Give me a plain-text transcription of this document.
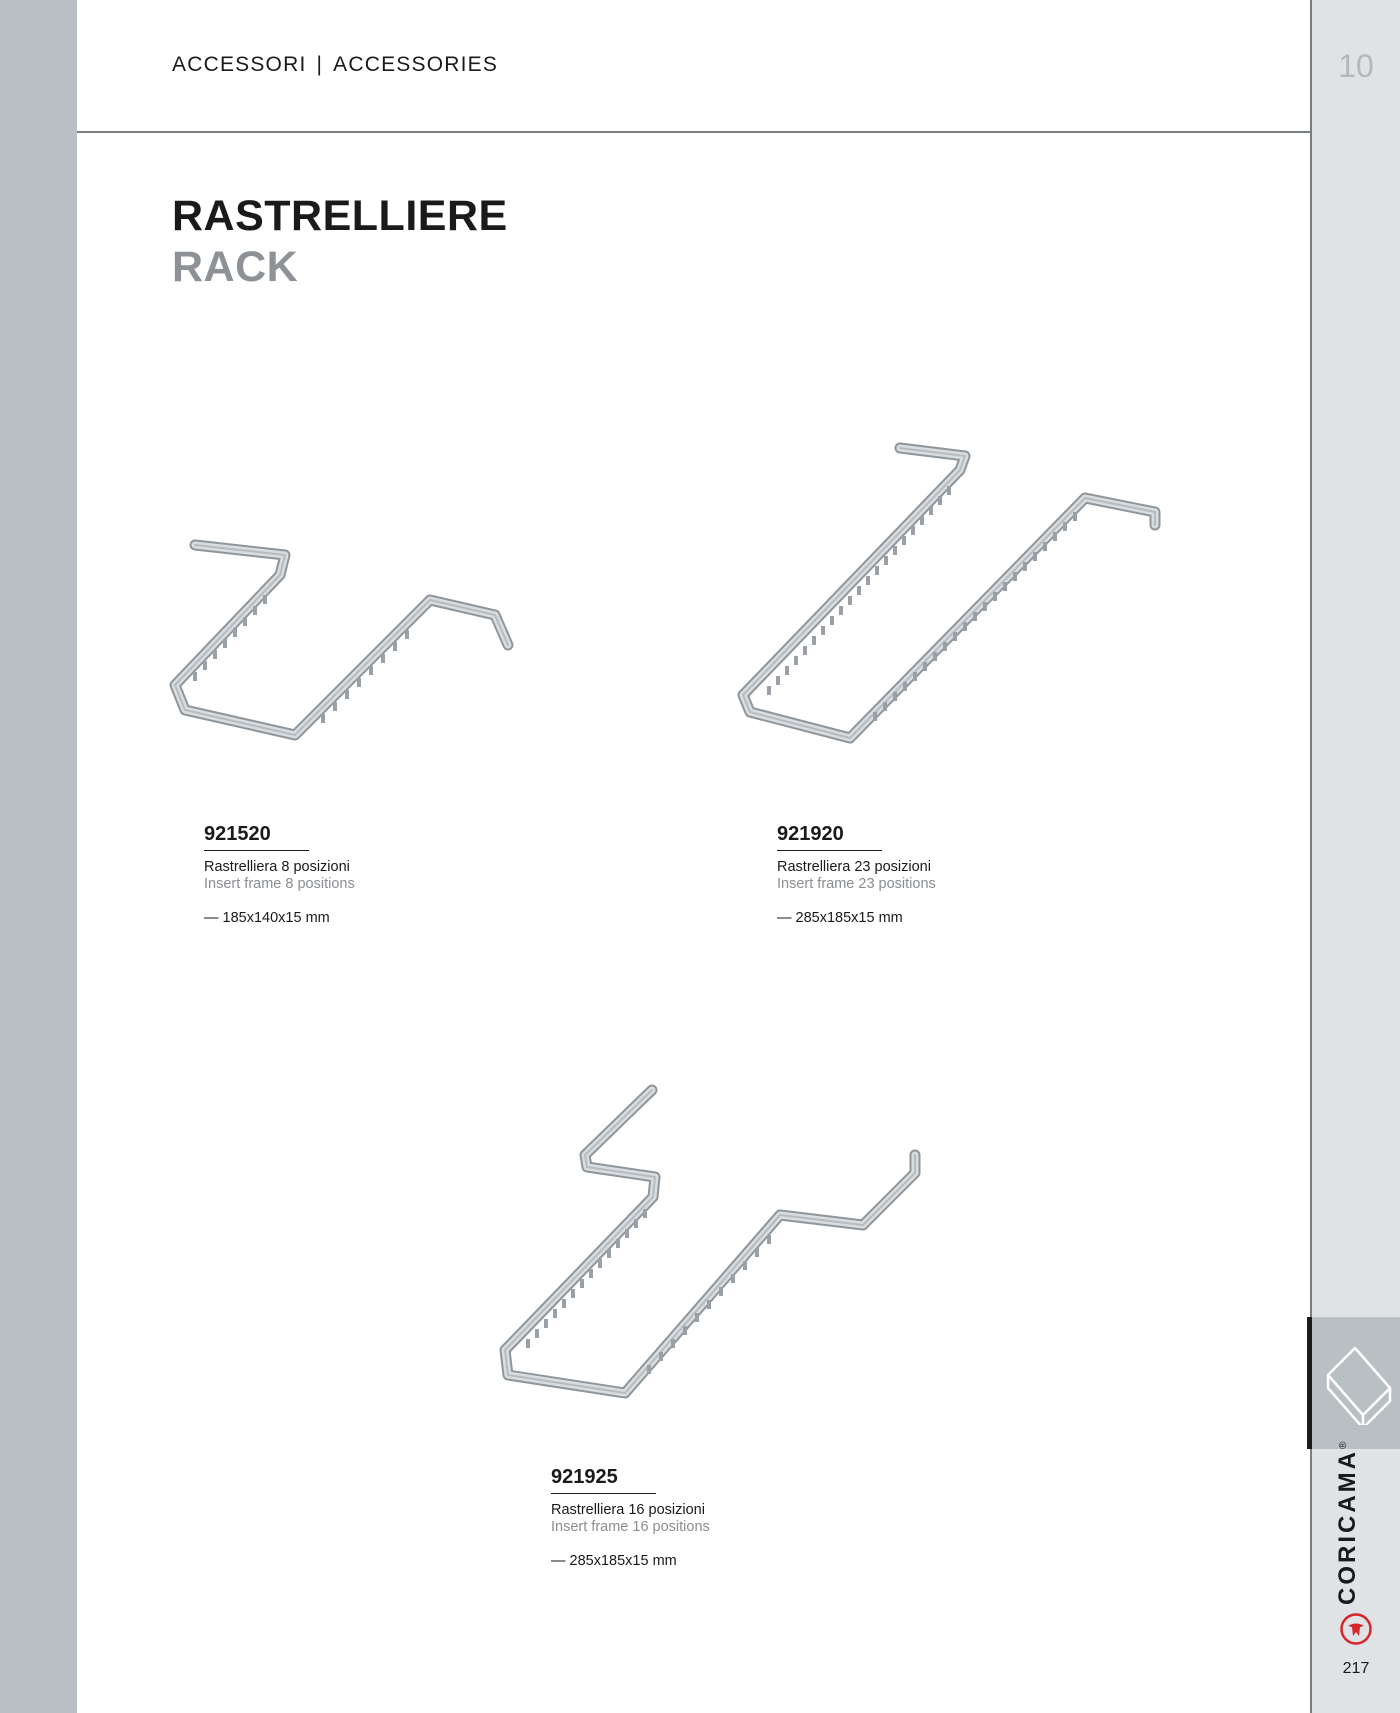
ACCESSORI | ACCESSORIES	10
RASTRELLIERE
RACK
921520
Rastrelliera 8 posizioni
Insert frame 8 positions
— 185x140x15 mm
921920
Rastrelliera 23 posizioni
Insert frame 23 positions
— 285x185x15 mm
921925
Rastrelliera 16 posizioni
Insert frame 16 positions
— 285x185x15 mm	CORICAMA®
217
